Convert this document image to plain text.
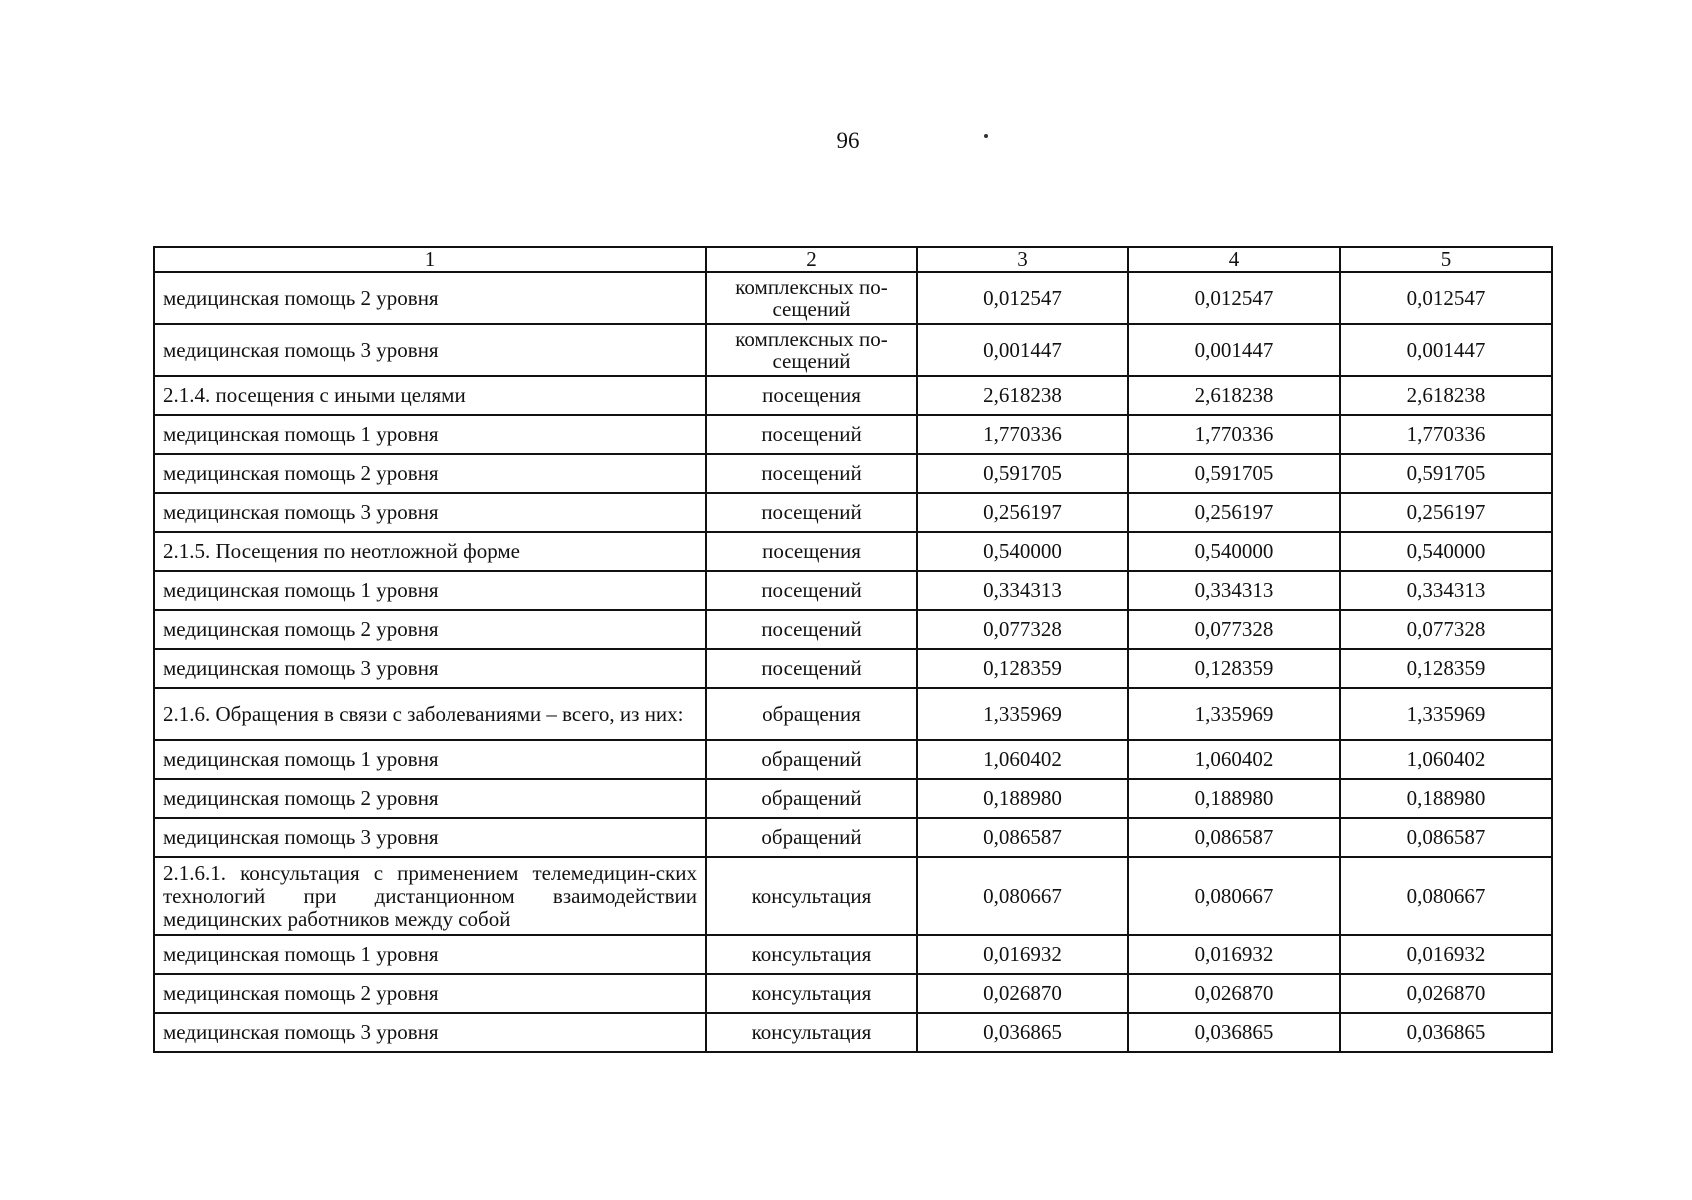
96
1	2	3	4	5
медицинская помощь 2 уровня	комплексных по-сещений	0,012547	0,012547	0,012547
медицинская помощь 3 уровня	комплексных по-сещений	0,001447	0,001447	0,001447
2.1.4. посещения с иными целями	посещения	2,618238	2,618238	2,618238
медицинская помощь 1 уровня	посещений	1,770336	1,770336	1,770336
медицинская помощь 2 уровня	посещений	0,591705	0,591705	0,591705
медицинская помощь 3 уровня	посещений	0,256197	0,256197	0,256197
2.1.5. Посещения по неотложной форме	посещения	0,540000	0,540000	0,540000
медицинская помощь 1 уровня	посещений	0,334313	0,334313	0,334313
медицинская помощь 2 уровня	посещений	0,077328	0,077328	0,077328
медицинская помощь 3 уровня	посещений	0,128359	0,128359	0,128359
2.1.6. Обращения в связи с заболеваниями – всего, из них:	обращения	1,335969	1,335969	1,335969
медицинская помощь 1 уровня	обращений	1,060402	1,060402	1,060402
медицинская помощь 2 уровня	обращений	0,188980	0,188980	0,188980
медицинская помощь 3 уровня	обращений	0,086587	0,086587	0,086587
2.1.6.1. консультация с применением телемедицин-ских технологий при дистанционном взаимодействии медицинских работников между собой	консультация	0,080667	0,080667	0,080667
медицинская помощь 1 уровня	консультация	0,016932	0,016932	0,016932
медицинская помощь 2 уровня	консультация	0,026870	0,026870	0,026870
медицинская помощь 3 уровня	консультация	0,036865	0,036865	0,036865
